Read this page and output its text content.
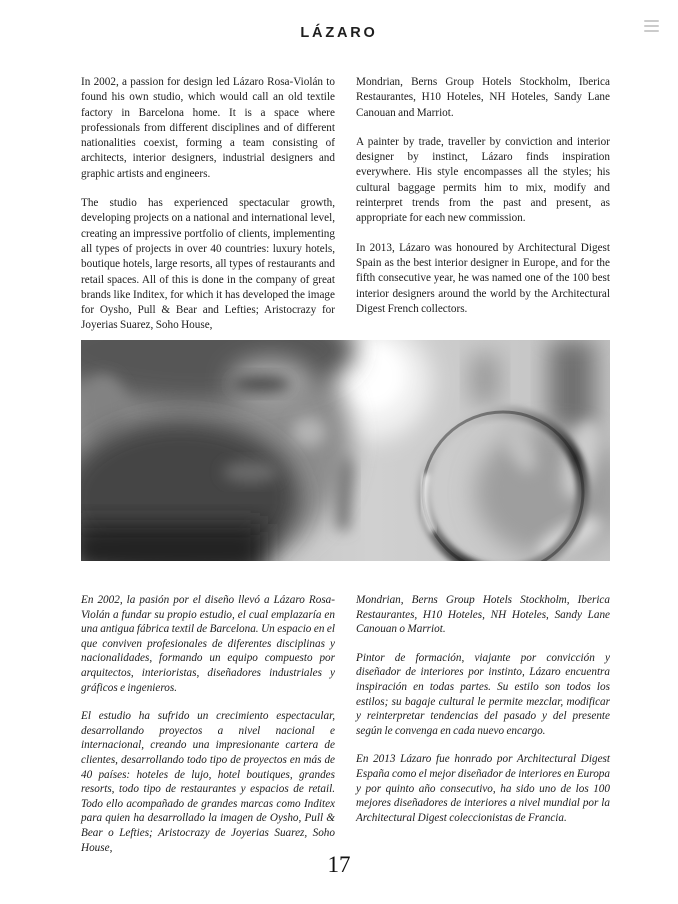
LÁZARO

In 2002, a passion for design led Lázaro Rosa-Violán to found his own studio, which would call an old textile factory in Barcelona home. It is a space where professionals from different disciplines and of different nationalities coexist, forming a team consisting of architects, interior designers, industrial designers and graphic artists and engineers.

The studio has experienced spectacular growth, developing projects on a national and international level, creating an impressive portfolio of clients, implementing all types of projects in over 40 countries: luxury hotels, boutique hotels, large resorts, all types of restaurants and retail spaces. All of this is done in the company of great brands like Inditex, for which it has developed the image for Oysho, Pull & Bear and Lefties; Aristocrazy for Joyerias Suarez, Soho House,

Mondrian, Berns Group Hotels Stockholm, Iberica Restaurantes, H10 Hoteles, NH Hoteles, Sandy Lane Canouan and Marriot.

A painter by trade, traveller by conviction and interior designer by instinct, Lázaro finds inspiration everywhere. His style encompasses all the styles; his cultural baggage permits him to mix, modify and reinterpret trends from the past and present, as appropriate for each new commission.

In 2013, Lázaro was honoured by Architectural Digest Spain as the best interior designer in Europe, and for the fifth consecutive year, he was named one of the 100 best interior designers around the world by the Architectural Digest French collectors.

En 2002, la pasión por el diseño llevó a Lázaro Rosa-Violán a fundar su propio estudio, el cual emplazaría en una antigua fábrica textil de Barcelona. Un espacio en el que conviven profesionales de diferentes disciplinas y nacionalidades, formando un equipo compuesto por arquitectos, interioristas, diseñadores industriales y gráficos e ingenieros.

El estudio ha sufrido un crecimiento espectacular, desarrollando proyectos a nivel nacional e internacional, creando una impresionante cartera de clientes, desarrollando todo tipo de proyectos en más de 40 países: hoteles de lujo, hotel boutiques, grandes resorts, todo tipo de restaurantes y espacios de retail. Todo ello acompañado de grandes marcas como Inditex para quien ha desarrollado la imagen de Oysho, Pull & Bear o Lefties; Aristocrazy de Joyerias Suarez, Soho House,

Mondrian, Berns Group Hotels Stockholm, Iberica Restaurantes, H10 Hoteles, NH Hoteles, Sandy Lane Canouan o Marriot.

Pintor de formación, viajante por convicción y diseñador de interiores por instinto, Lázaro encuentra inspiración en todas partes. Su estilo son todos los estilos; su bagaje cultural le permite mezclar, modificar y reinterpretar tendencias del pasado y del presente según le convenga en cada nuevo encargo.

En 2013 Lázaro fue honrado por Architectural Digest España como el mejor diseñador de interiores en Europa y por quinto año consecutivo, ha sido uno de los 100 mejores diseñadores de interiores a nivel mundial por la Architectural Digest coleccionistas de Francia.

17
